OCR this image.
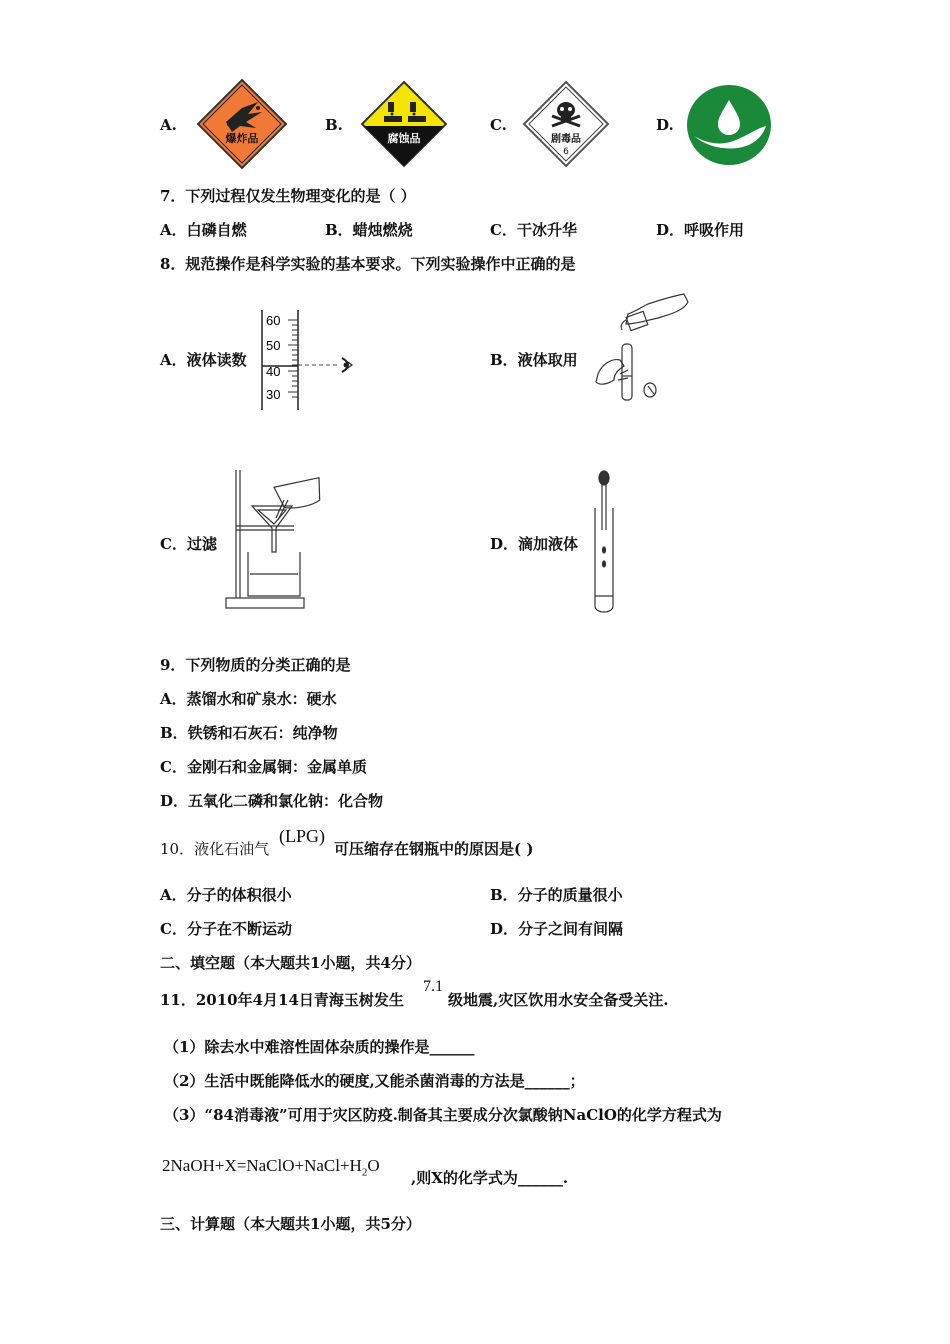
A.
爆炸品
B.
腐蚀品
C.
剧毒品
6
D.
7．下列过程仅发生物理变化的是（ ）
A．白磷自燃	B．蜡烛燃烧	C．干冰升华	D．呼吸作用
8．规范操作是科学实验的基本要求。下列实验操作中正确的是
A．液体读数
60
50
40
30
B．液体取用
C．过滤	D．滴加液体
9．下列物质的分类正确的是
A．蒸馏水和矿泉水：硬水
B．铁锈和石灰石：纯净物
C．金刚石和金属铜：金属单质
D．五氧化二磷和氯化钠：化合物
10．液化石油气
(LPG)
可压缩存在钢瓶中的原因是( )
A．分子的体积很小	B．分子的质量很小
C．分子在不断运动	D．分子之间有间隔
二、填空题（本大题共1小题，共4分）
11．2010年4月14日青海玉树发生
7.1
级地震,灾区饮用水安全备受关注.
（1）除去水中难溶性固体杂质的操作是______
（2）生活中既能降低水的硬度,又能杀菌消毒的方法是______；
（3）“84消毒液”可用于灾区防疫.制备其主要成分次氯酸钠NaClO的化学方程式为
$2NaOH+X=NaClO+NaCl+H_2O$
,则X的化学式为______.
三、计算题（本大题共1小题，共5分）
